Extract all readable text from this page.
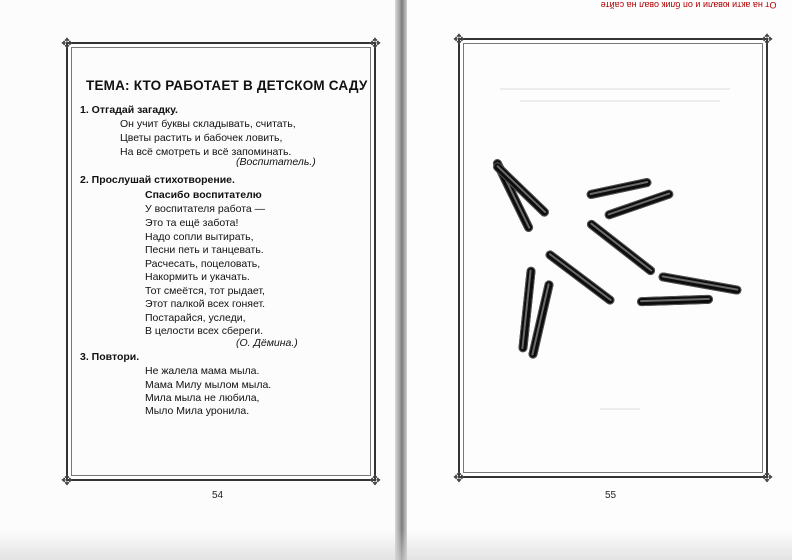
От на акти ювали и оп блик овал на сайте
✥	✥
✥	✥
ТЕМА: КТО РАБОТАЕТ В ДЕТСКОМ САДУ
1. Отгадай загадку.
Он учит буквы складывать, считать,
Цветы растить и бабочек ловить,
На всё смотреть и всё запоминать.
(Воспитатель.)
2. Прослушай стихотворение.
Спасибо воспитателю
У воспитателя работа —
Это та ещё забота!
Надо сопли вытирать,
Песни петь и танцевать.
Расчесать, поцеловать,
Накормить и укачать.
Тот смеётся, тот рыдает,
Этот палкой всех гоняет.
Постарайся, уследи,
В целости всех сбереги.
(О. Дёмина.)
3. Повтори.
Не жалела мама мыла.
Мама Милу мылом мыла.
Мила мыла не любила,
Мыло Мила уронила.
54
✥	✥
✥	✥
55
